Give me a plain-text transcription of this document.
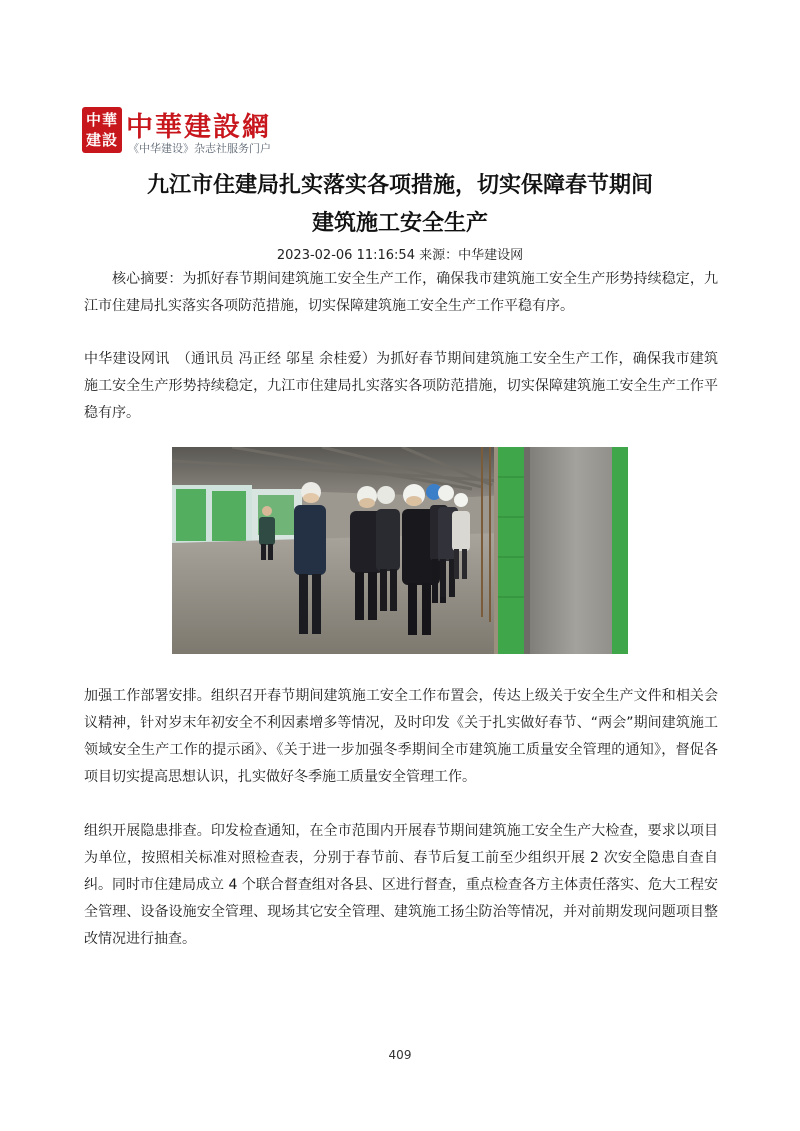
中華
建設 中華建設網
《中华建设》杂志社服务门户
九江市住建局扎实落实各项措施，切实保障春节期间
建筑施工安全生产
2023-02-06 11:16:54 来源：中华建设网

核心摘要：为抓好春节期间建筑施工安全生产工作，确保我市建筑施工安全生产形势持续稳定，九江市住建局扎实落实各项防范措施，切实保障建筑施工安全生产工作平稳有序。

中华建设网讯　（通讯员 冯正经 邬星 余桂爱）为抓好春节期间建筑施工安全生产工作，确保我市建筑施工安全生产形势持续稳定，九江市住建局扎实落实各项防范措施，切实保障建筑施工安全生产工作平稳有序。

加强工作部署安排。组织召开春节期间建筑施工安全工作布置会，传达上级关于安全生产文件和相关会议精神，针对岁末年初安全不利因素增多等情况，及时印发《关于扎实做好春节、“两会”期间建筑施工领域安全生产工作的提示函》、《关于进一步加强冬季期间全市建筑施工质量安全管理的通知》，督促各项目切实提高思想认识，扎实做好冬季施工质量安全管理工作。

组织开展隐患排查。印发检查通知，在全市范围内开展春节期间建筑施工安全生产大检查，要求以项目为单位，按照相关标准对照检查表，分别于春节前、春节后复工前至少组织开展 2 次安全隐患自查自纠。同时市住建局成立 4 个联合督查组对各县、区进行督查，重点检查各方主体责任落实、危大工程安全管理、设备设施安全管理、现场其它安全管理、建筑施工扬尘防治等情况，并对前期发现问题项目整改情况进行抽查。

409
